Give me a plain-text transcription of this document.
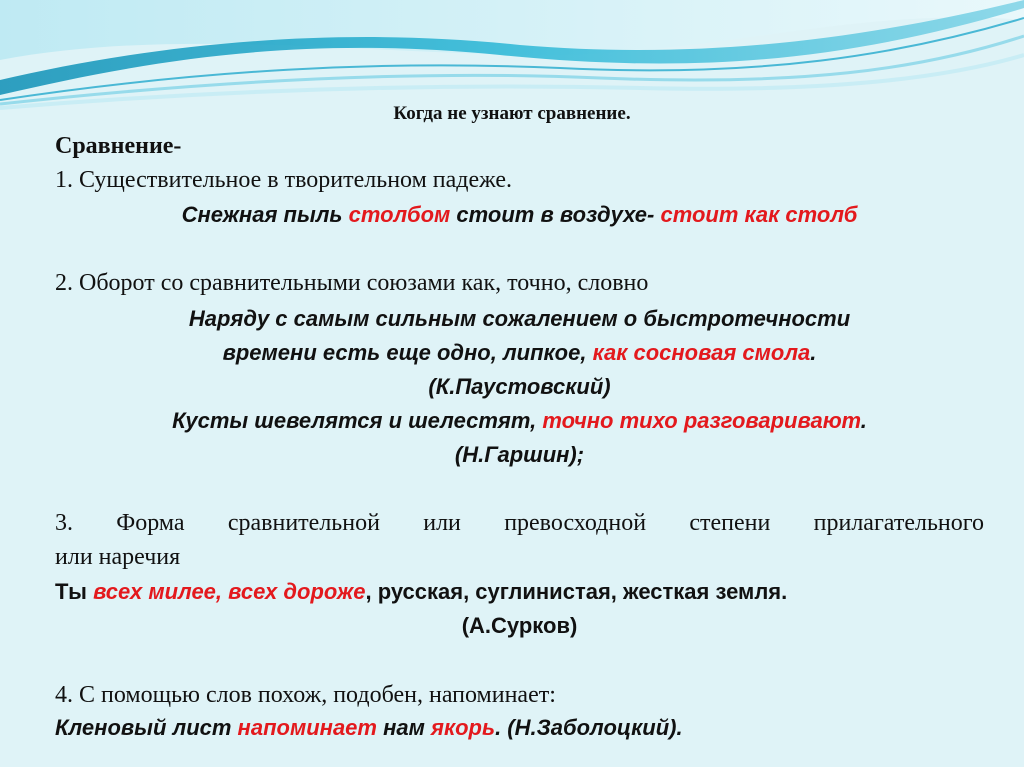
Когда не узнают сравнение.
Сравнение-
1. Существительное в творительном падеже.
Снежная пыль столбом стоит в воздухе- стоит как столб
2. Оборот со сравнительными союзами как, точно, словно
Наряду с самым сильным сожалением о быстротечности
времени есть еще одно, липкое, как сосновая смола.
(К.Паустовский)
Кусты шевелятся и шелестят, точно тихо разговаривают.
(Н.Гаршин);
3. Форма сравнительной или превосходной степени прилагательного
или наречия
Ты всех милее, всех дороже, русская, суглинистая, жесткая земля.
(А.Сурков)
4. С помощью слов похож, подобен, напоминает:
Кленовый лист напоминает нам якорь. (Н.Заболоцкий).
